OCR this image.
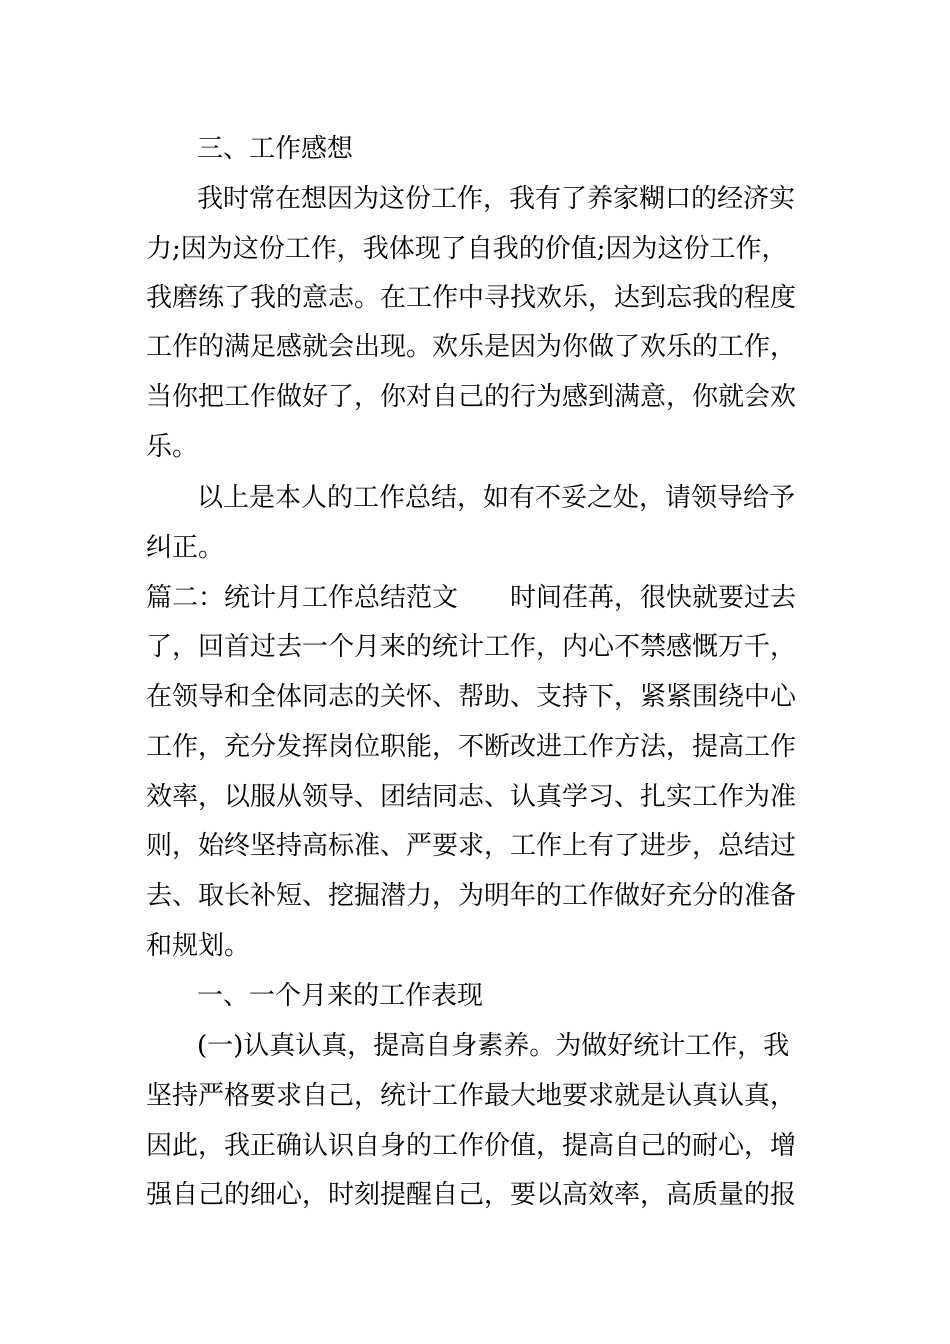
三、工作感想
我时常在想因为这份工作，我有了养家糊口的经济实
力;因为这份工作，我体现了自我的价值;因为这份工作，
我磨练了我的意志。在工作中寻找欢乐，达到忘我的程度
工作的满足感就会出现。欢乐是因为你做了欢乐的工作，
当你把工作做好了，你对自己的行为感到满意，你就会欢
乐。
以上是本人的工作总结，如有不妥之处，请领导给予
纠正。
篇二：统计月工作总结范文　　时间荏苒，很快就要过去
了，回首过去一个月来的统计工作，内心不禁感慨万千，
在领导和全体同志的关怀、帮助、支持下，紧紧围绕中心
工作，充分发挥岗位职能，不断改进工作方法，提高工作
效率，以服从领导、团结同志、认真学习、扎实工作为准
则，始终坚持高标准、严要求，工作上有了进步，总结过
去、取长补短、挖掘潜力，为明年的工作做好充分的准备
和规划。
一、一个月来的工作表现
(一)认真认真，提高自身素养。为做好统计工作，我
坚持严格要求自己，统计工作最大地要求就是认真认真，
因此，我正确认识自身的工作价值，提高自己的耐心，增
强自己的细心，时刻提醒自己，要以高效率，高质量的报
